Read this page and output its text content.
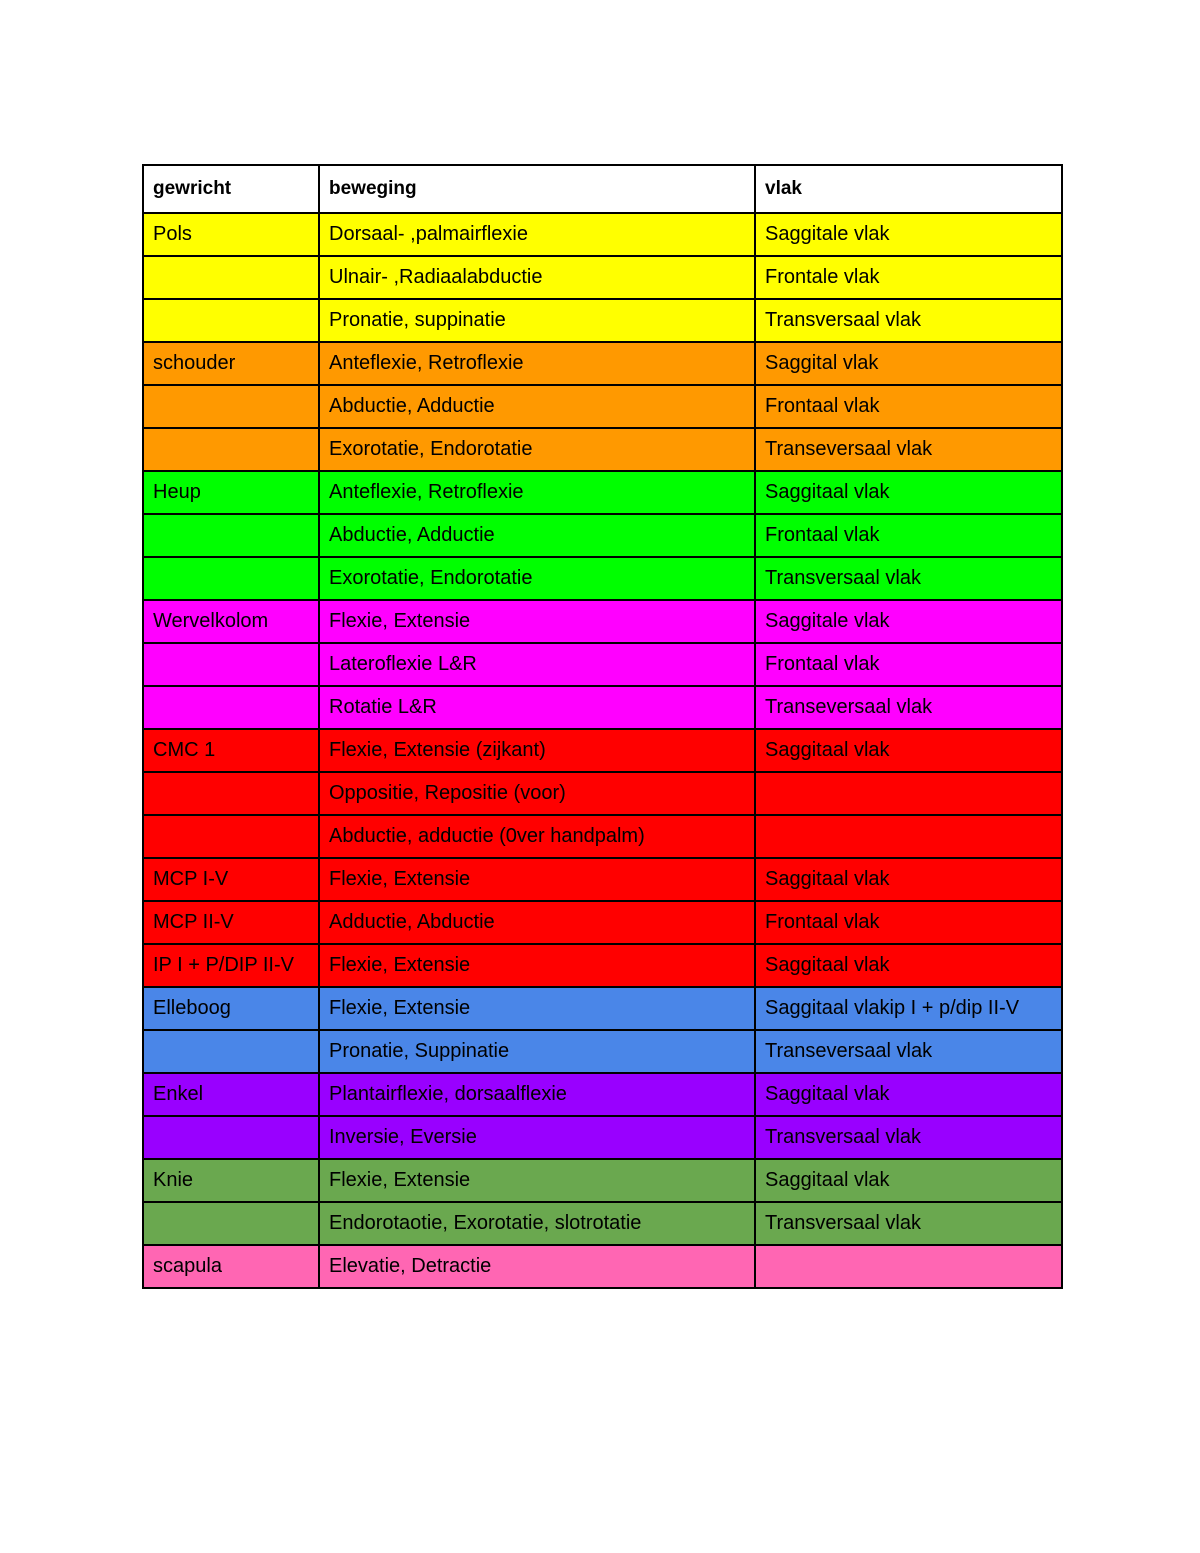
gewricht	beweging	vlak
Pols	Dorsaal- ,palmairflexie	Saggitale vlak
	Ulnair- ,Radiaalabductie	Frontale vlak
	Pronatie, suppinatie	Transversaal vlak
schouder	Anteflexie, Retroflexie	Saggital vlak
	Abductie, Adductie	Frontaal vlak
	Exorotatie, Endorotatie	Transeversaal vlak
Heup	Anteflexie, Retroflexie	Saggitaal vlak
	Abductie, Adductie	Frontaal vlak
	Exorotatie, Endorotatie	Transversaal vlak
Wervelkolom	Flexie, Extensie	Saggitale vlak
	Lateroflexie L&R	Frontaal vlak
	Rotatie L&R	Transeversaal vlak
CMC 1	Flexie, Extensie (zijkant)	Saggitaal vlak
	Oppositie, Repositie (voor)	
	Abductie, adductie (0ver handpalm)	
MCP I-V	Flexie, Extensie	Saggitaal vlak
MCP II-V	Adductie, Abductie	Frontaal vlak
IP I + P/DIP II-V	Flexie, Extensie	Saggitaal vlak
Elleboog	Flexie, Extensie	Saggitaal vlakip I + p/dip II-V
	Pronatie, Suppinatie	Transeversaal vlak
Enkel	Plantairflexie, dorsaalflexie	Saggitaal vlak
	Inversie, Eversie	Transversaal vlak
Knie	Flexie, Extensie	Saggitaal vlak
	Endorotaotie, Exorotatie, slotrotatie	Transversaal vlak
scapula	Elevatie, Detractie	
